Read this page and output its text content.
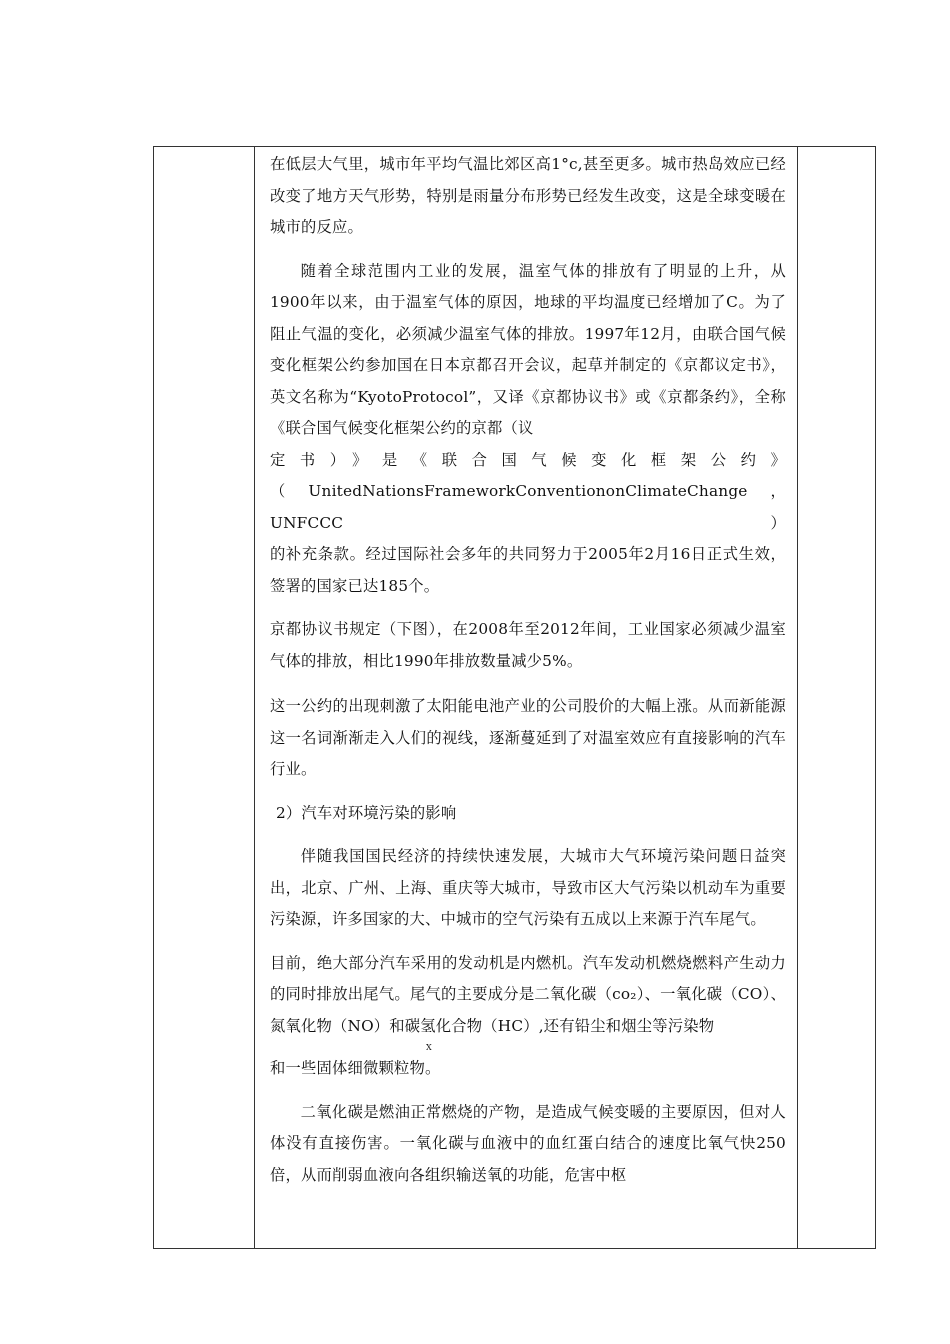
在低层大气里，城市年平均气温比郊区高1°c,甚至更多。城市热岛效应已经改变了地方天气形势，特别是雨量分布形势已经发生改变，这是全球变暖在城市的反应。

随着全球范围内工业的发展，温室气体的排放有了明显的上升，从1900年以来，由于温室气体的原因，地球的平均温度已经增加了C。为了阻止气温的变化，必须减少温室气体的排放。1997年12月，由联合国气候变化框架公约参加国在日本京都召开会议，起草并制定的《京都议定书》，英文名称为“KyotoProtocol”，又译《京都协议书》或《京都条约》，全称《联合国气候变化框架公约的京都（议

定书）》是《联合国气候变化框架公约》

（UnitedNationsFrameworkConventiononClimateChange，UNFCCC）

的补充条款。经过国际社会多年的共同努力于2005年2月16日正式生效，签署的国家已达185个。

京都协议书规定（下图），在2008年至2012年间，工业国家必须减少温室气体的排放，相比1990年排放数量减少5%。

这一公约的出现刺激了太阳能电池产业的公司股价的大幅上涨。从而新能源这一名词渐渐走入人们的视线，逐渐蔓延到了对温室效应有直接影响的汽车行业。

2）汽车对环境污染的影响

伴随我国国民经济的持续快速发展，大城市大气环境污染问题日益突出，北京、广州、上海、重庆等大城市，导致市区大气污染以机动车为重要污染源，许多国家的大、中城市的空气污染有五成以上来源于汽车尾气。

目前，绝大部分汽车采用的发动机是内燃机。汽车发动机燃烧燃料产生动力的同时排放出尾气。尾气的主要成分是二氧化碳（co₂）、一氧化碳（CO）、氮氧化物（NO）和碳氢化合物（HC）,还有铅尘和烟尘等污染物

X

和一些固体细微颗粒物。

二氧化碳是燃油正常燃烧的产物，是造成气候变暖的主要原因，但对人体没有直接伤害。一氧化碳与血液中的血红蛋白结合的速度比氧气快250倍，从而削弱血液向各组织输送氧的功能，危害中枢
